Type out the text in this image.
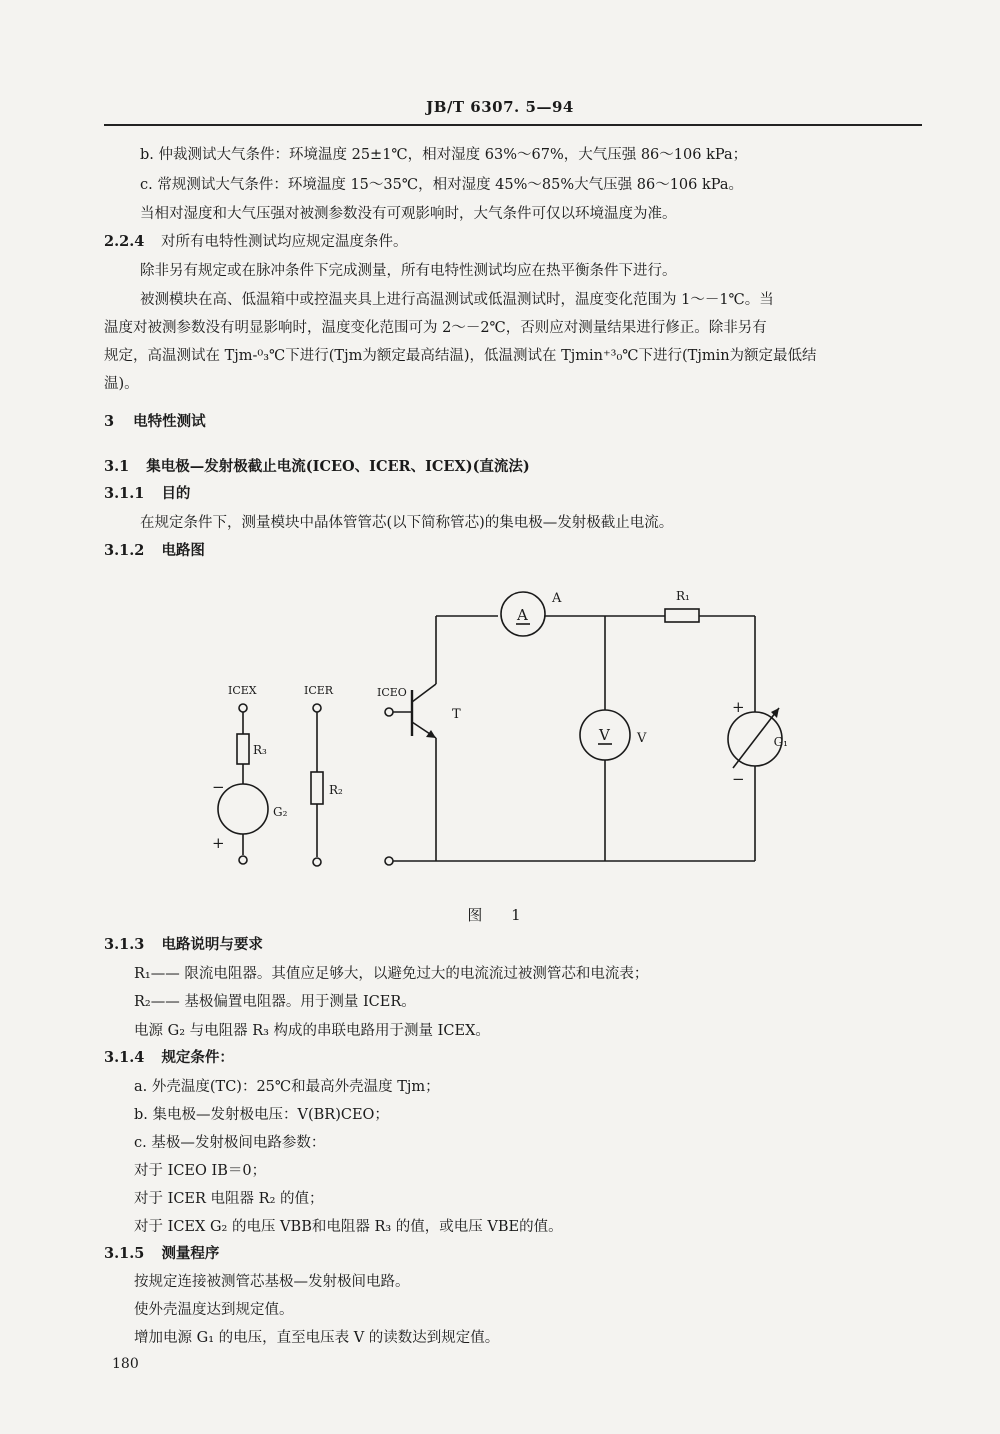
JB/T 6307. 5—94
b. 仲裁测试大气条件：环境温度 25±1℃，相对湿度 63%～67%，大气压强 86～106 kPa；
c. 常规测试大气条件：环境温度 15～35℃，相对湿度 45%～85%大气压强 86～106 kPa。
当相对湿度和大气压强对被测参数没有可观影响时，大气条件可仅以环境温度为准。
2.2.4 对所有电特性测试均应规定温度条件。
除非另有规定或在脉冲条件下完成测量，所有电特性测试均应在热平衡条件下进行。
被测模块在高、低温箱中或控温夹具上进行高温测试或低温测试时，温度变化范围为 1～－1℃。当
温度对被测参数没有明显影响时，温度变化范围可为 2～－2℃，否则应对测量结果进行修正。除非另有
规定，高温测试在 Tjm-⁰₃℃下进行(Tjm为额定最高结温)，低温测试在 Tjmin⁺³₀℃下进行(Tjmin为额定最低结
温)。
3 电特性测试
3.1 集电极—发射极截止电流(ICEO、ICER、ICEX)(直流法)
3.1.1 目的
在规定条件下，测量模块中晶体管管芯(以下简称管芯)的集电极—发射极截止电流。
3.1.2 电路图
ICEX	ICER	ICEO
R₃
R₂
R₁
G₂
G₁
A
A
V V
T
−
+
+
−
图 1
3.1.3 电路说明与要求
R₁—— 限流电阻器。其值应足够大，以避免过大的电流流过被测管芯和电流表；
R₂—— 基极偏置电阻器。用于测量 ICER。
电源 G₂ 与电阻器 R₃ 构成的串联电路用于测量 ICEX。
3.1.4 规定条件：
a. 外壳温度(TC)：25℃和最高外壳温度 Tjm；
b. 集电极—发射极电压：V(BR)CEO；
c. 基极—发射极间电路参数：
对于 ICEO IB＝0；
对于 ICER 电阻器 R₂ 的值；
对于 ICEX G₂ 的电压 VBB和电阻器 R₃ 的值，或电压 VBE的值。
3.1.5 测量程序
按规定连接被测管芯基极—发射极间电路。
使外壳温度达到规定值。
增加电源 G₁ 的电压，直至电压表 V 的读数达到规定值。
180
